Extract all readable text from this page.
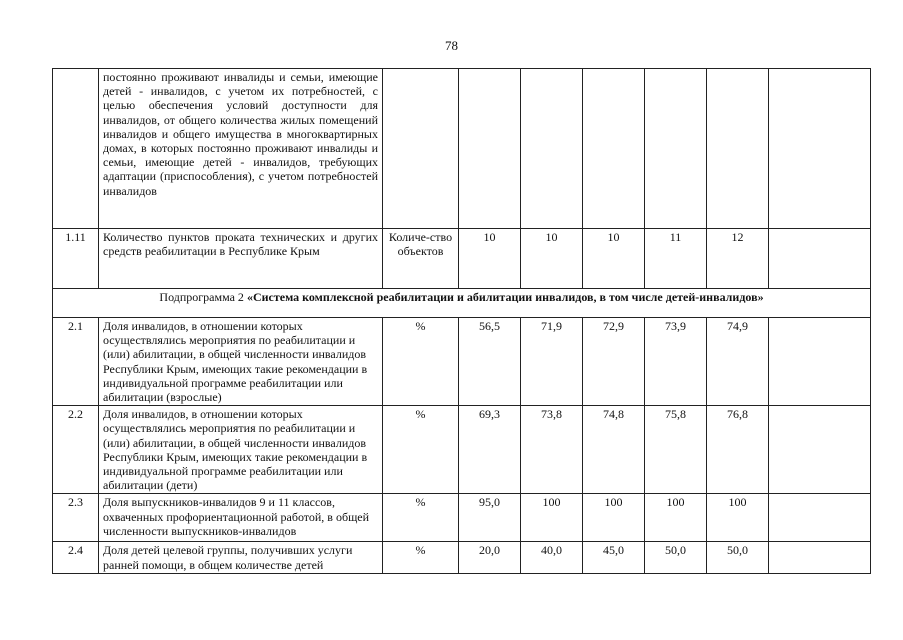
78
	постоянно проживают инвалиды и семьи, имеющие детей - инвалидов, с учетом их потребностей, с целью обеспечения условий доступности для инвалидов, от общего количества жилых помещений инвалидов и общего имущества в многоквартирных домах, в которых постоянно проживают инвалиды и семьи, имеющие детей - инвалидов, требующих адаптации (приспособления), с учетом потребностей инвалидов							
1.11	Количество пунктов проката технических и других средств реабилитации в Республике Крым	Количе-ство объектов	10	10	10	11	12	
Подпрограмма 2 «Система комплексной реабилитации и абилитации инвалидов, в том числе детей-инвалидов»								
2.1	Доля инвалидов, в отношении которых осуществлялись мероприятия по реабилитации и (или) абилитации, в общей численности инвалидов Республики Крым, имеющих такие рекомендации в индивидуальной программе реабилитации или абилитации (взрослые)	%	56,5	71,9	72,9	73,9	74,9	
2.2	Доля инвалидов, в отношении которых осуществлялись мероприятия по реабилитации и (или) абилитации, в общей численности инвалидов Республики Крым, имеющих такие рекомендации в индивидуальной программе реабилитации или абилитации (дети)	%	69,3	73,8	74,8	75,8	76,8	
2.3	Доля выпускников-инвалидов 9 и 11 классов, охваченных профориентационной работой, в общей численности выпускников-инвалидов	%	95,0	100	100	100	100	
2.4	Доля детей целевой группы, получивших услуги ранней помощи, в общем количестве детей	%	20,0	40,0	45,0	50,0	50,0	
